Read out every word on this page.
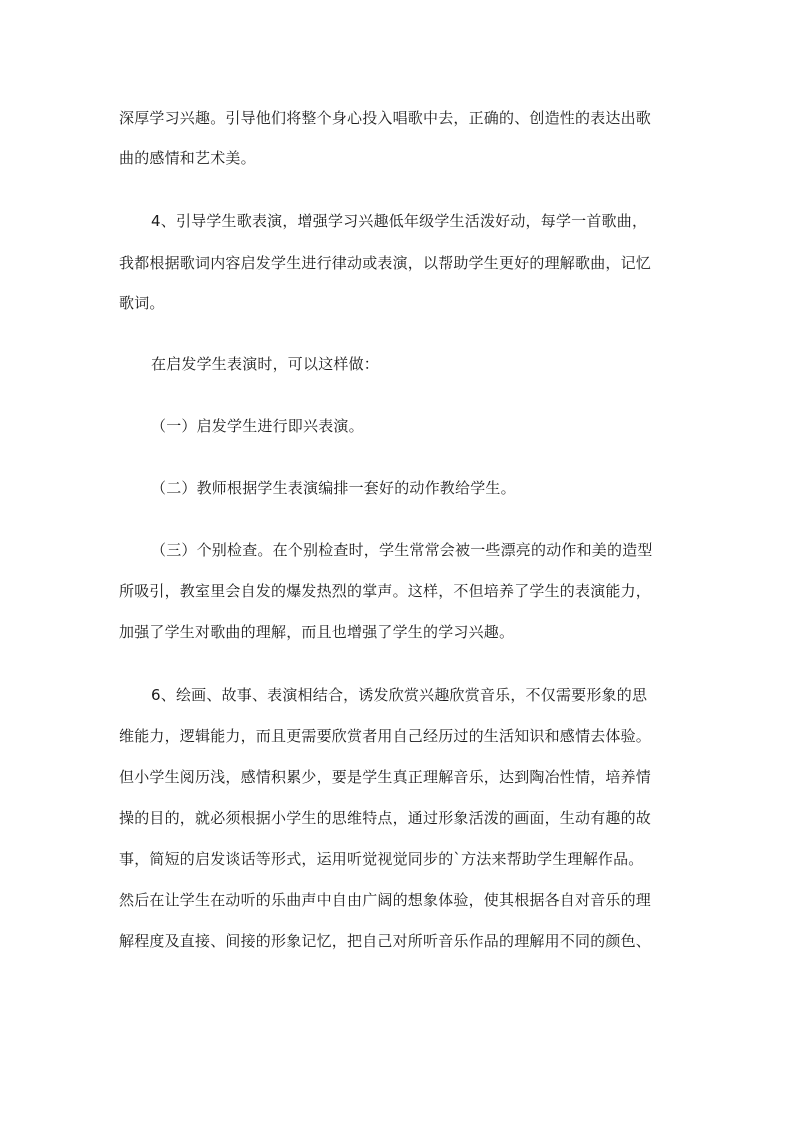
深厚学习兴趣。引导他们将整个身心投入唱歌中去，正确的、创造性的表达出歌
曲的感情和艺术美。
4、引导学生歌表演，增强学习兴趣低年级学生活泼好动，每学一首歌曲，
我都根据歌词内容启发学生进行律动或表演，以帮助学生更好的理解歌曲，记忆
歌词。
在启发学生表演时，可以这样做：
（一）启发学生进行即兴表演。
（二）教师根据学生表演编排一套好的动作教给学生。
（三）个别检查。在个别检查时，学生常常会被一些漂亮的动作和美的造型
所吸引，教室里会自发的爆发热烈的掌声。这样，不但培养了学生的表演能力，
加强了学生对歌曲的理解，而且也增强了学生的学习兴趣。
6、绘画、故事、表演相结合，诱发欣赏兴趣欣赏音乐，不仅需要形象的思
维能力，逻辑能力，而且更需要欣赏者用自己经历过的生活知识和感情去体验。
但小学生阅历浅，感情积累少，要是学生真正理解音乐，达到陶冶性情，培养情
操的目的，就必须根据小学生的思维特点，通过形象活泼的画面，生动有趣的故
事，简短的启发谈话等形式，运用听觉视觉同步的`方法来帮助学生理解作品。
然后在让学生在动听的乐曲声中自由广阔的想象体验，使其根据各自对音乐的理
解程度及直接、间接的形象记忆，把自己对所听音乐作品的理解用不同的颜色、
